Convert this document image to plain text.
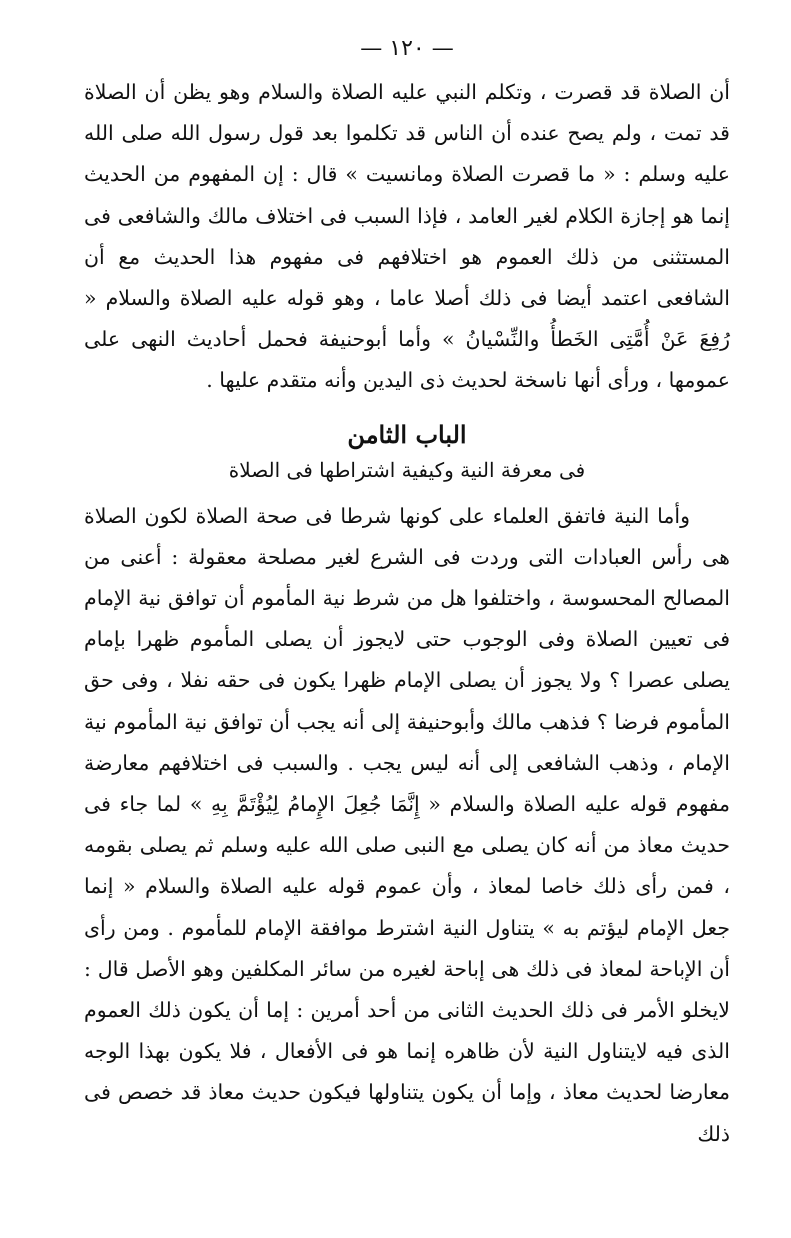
— ١٢٠ —

أن الصلاة قد قصرت ، وتكلم النبي عليه الصلاة والسلام وهو يظن أن الصلاة قد تمت ، ولم يصح عنده أن الناس قد تكلموا بعد قول رسول الله صلى الله عليه وسلم : « ما قصرت الصلاة ومانسيت » قال : إن المفهوم من الحديث إنما هو إجازة الكلام لغير العامد ، فإذا السبب فى اختلاف مالك والشافعى فى المستثنى من ذلك العموم هو اختلافهم فى مفهوم هذا الحديث مع أن الشافعى اعتمد أيضا فى ذلك أصلا عاما ، وهو قوله عليه الصلاة والسلام « رُفِعَ عَنْ أُمَّتِى الخَطأُ والنِّسْيانُ » وأما أبوحنيفة فحمل أحاديث النهى على عمومها ، ورأى أنها ناسخة لحديث ذى اليدين وأنه متقدم عليها .

الباب الثامن
فى معرفة النية وكيفية اشتراطها فى الصلاة

وأما النية فاتفق العلماء على كونها شرطا فى صحة الصلاة لكون الصلاة هى رأس العبادات التى وردت فى الشرع لغير مصلحة معقولة : أعنى من المصالح المحسوسة ، واختلفوا هل من شرط نية المأموم أن توافق نية الإمام فى تعيين الصلاة وفى الوجوب حتى لايجوز أن يصلى المأموم ظهرا بإمام يصلى عصرا ؟ ولا يجوز أن يصلى الإمام ظهرا يكون فى حقه نفلا ، وفى حق المأموم فرضا ؟ فذهب مالك وأبوحنيفة إلى أنه يجب أن توافق نية المأموم نية الإمام ، وذهب الشافعى إلى أنه ليس يجب . والسبب فى اختلافهم معارضة مفهوم قوله عليه الصلاة والسلام « إِنَّمَا جُعِلَ الإِمامُ لِيُؤْتَمَّ بِهِ » لما جاء فى حديث معاذ من أنه كان يصلى مع النبى صلى الله عليه وسلم ثم يصلى بقومه ، فمن رأى ذلك خاصا لمعاذ ، وأن عموم قوله عليه الصلاة والسلام « إنما جعل الإمام ليؤتم به » يتناول النية اشترط موافقة الإمام للمأموم . ومن رأى أن الإباحة لمعاذ فى ذلك هى إباحة لغيره من سائر المكلفين وهو الأصل قال : لايخلو الأمر فى ذلك الحديث الثانى من أحد أمرين : إما أن يكون ذلك العموم الذى فيه لايتناول النية لأن ظاهره إنما هو فى الأفعال ، فلا يكون بهذا الوجه معارضا لحديث معاذ ، وإما أن يكون يتناولها فيكون حديث معاذ قد خصص فى ذلك
